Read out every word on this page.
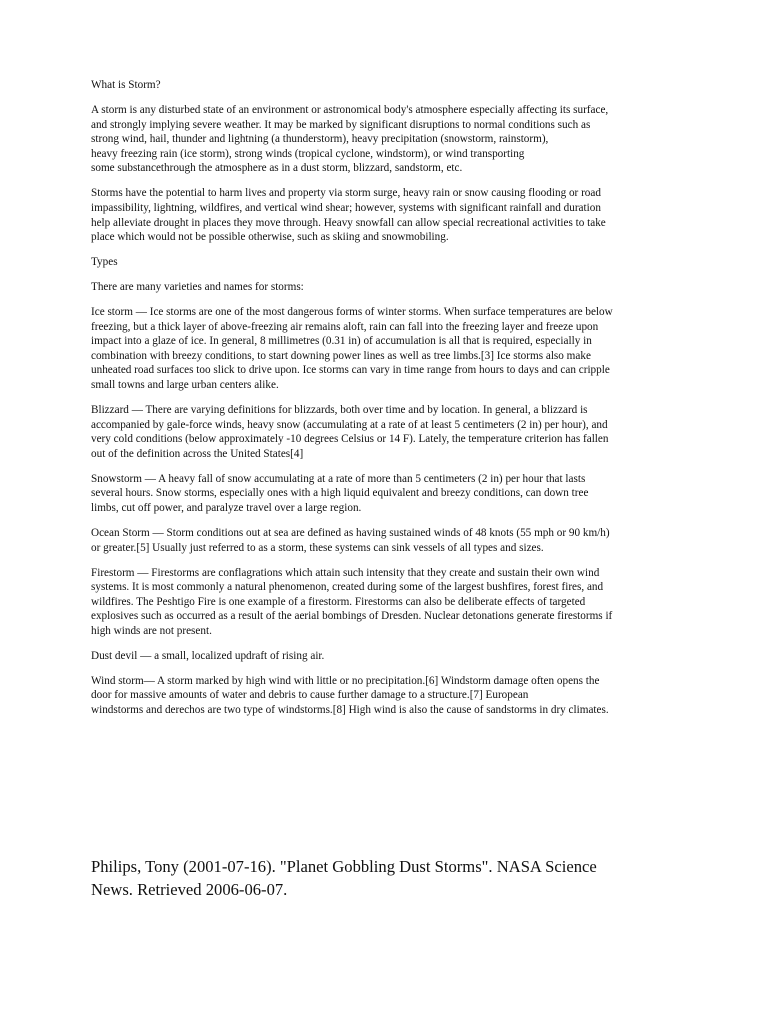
What is Storm?

A storm is any disturbed state of an environment or astronomical body's atmosphere especially affecting its surface,
and strongly implying severe weather. It may be marked by significant disruptions to normal conditions such as
strong wind, hail, thunder and lightning (a thunderstorm), heavy precipitation (snowstorm, rainstorm),
heavy freezing rain (ice storm), strong winds (tropical cyclone, windstorm), or wind transporting
some substancethrough the atmosphere as in a dust storm, blizzard, sandstorm, etc.

Storms have the potential to harm lives and property via storm surge, heavy rain or snow causing flooding or road
impassibility, lightning, wildfires, and vertical wind shear; however, systems with significant rainfall and duration
help alleviate drought in places they move through. Heavy snowfall can allow special recreational activities to take
place which would not be possible otherwise, such as skiing and snowmobiling.

Types

There are many varieties and names for storms:

Ice storm — Ice storms are one of the most dangerous forms of winter storms. When surface temperatures are below
freezing, but a thick layer of above-freezing air remains aloft, rain can fall into the freezing layer and freeze upon
impact into a glaze of ice. In general, 8 millimetres (0.31 in) of accumulation is all that is required, especially in
combination with breezy conditions, to start downing power lines as well as tree limbs.[3] Ice storms also make
unheated road surfaces too slick to drive upon. Ice storms can vary in time range from hours to days and can cripple
small towns and large urban centers alike.

Blizzard — There are varying definitions for blizzards, both over time and by location. In general, a blizzard is
accompanied by gale-force winds, heavy snow (accumulating at a rate of at least 5 centimeters (2 in) per hour), and
very cold conditions (below approximately -10 degrees Celsius or 14 F). Lately, the temperature criterion has fallen
out of the definition across the United States[4]

Snowstorm — A heavy fall of snow accumulating at a rate of more than 5 centimeters (2 in) per hour that lasts
several hours. Snow storms, especially ones with a high liquid equivalent and breezy conditions, can down tree
limbs, cut off power, and paralyze travel over a large region.

Ocean Storm — Storm conditions out at sea are defined as having sustained winds of 48 knots (55 mph or 90 km/h)
or greater.[5] Usually just referred to as a storm, these systems can sink vessels of all types and sizes.

Firestorm — Firestorms are conflagrations which attain such intensity that they create and sustain their own wind
systems. It is most commonly a natural phenomenon, created during some of the largest bushfires, forest fires, and
wildfires. The Peshtigo Fire is one example of a firestorm. Firestorms can also be deliberate effects of targeted
explosives such as occurred as a result of the aerial bombings of Dresden. Nuclear detonations generate firestorms if
high winds are not present.

Dust devil — a small, localized updraft of rising air.

Wind storm— A storm marked by high wind with little or no precipitation.[6] Windstorm damage often opens the
door for massive amounts of water and debris to cause further damage to a structure.[7] European
windstorms and derechos are two type of windstorms.[8] High wind is also the cause of sandstorms in dry climates.

Philips, Tony (2001-07-16). "Planet Gobbling Dust Storms". NASA Science
News. Retrieved 2006-06-07.
